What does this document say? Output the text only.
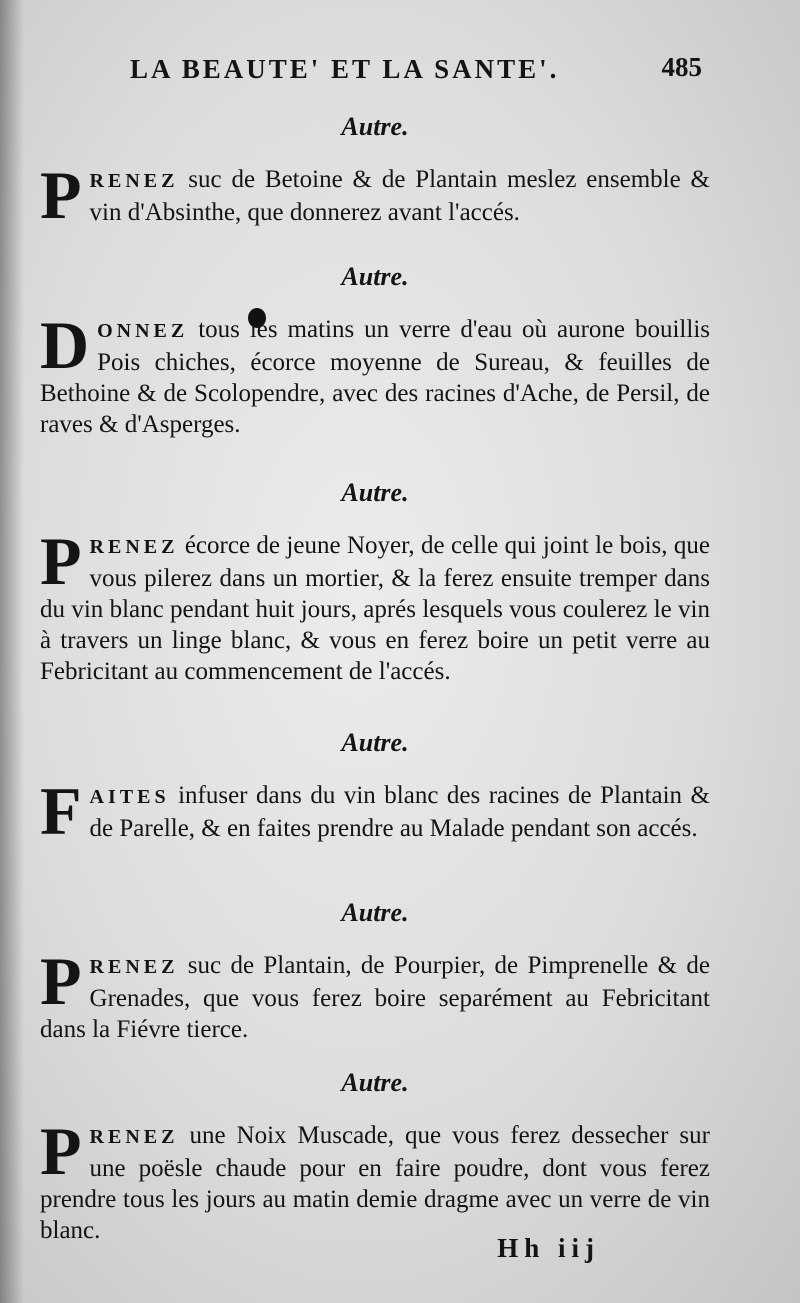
LA BEAUTE' ET LA SANTE'.	485
Autre.

PRENEZ suc de Betoine & de Plantain meslez ensemble & vin d'Absinthe, que donnerez avant l'accés.

Autre.

DONNEZ tous les matins un verre d'eau où aurone bouillis Pois chiches, écorce moyenne de Sureau, & feuilles de Bethoine & de Scolopendre, avec des racines d'Ache, de Persil, de raves & d'Asperges.

Autre.

PRENEZ écorce de jeune Noyer, de celle qui joint le bois, que vous pilerez dans un mortier, & la ferez ensuite tremper dans du vin blanc pendant huit jours, aprés lesquels vous coulerez le vin à travers un linge blanc, & vous en ferez boire un petit verre au Febricitant au commencement de l'accés.

Autre.

FAITES infuser dans du vin blanc des racines de Plantain & de Parelle, & en faites prendre au Malade pendant son accés.

Autre.

PRENEZ suc de Plantain, de Pourpier, de Pimprenelle & de Grenades, que vous ferez boire separément au Febricitant dans la Fiévre tierce.

Autre.

PRENEZ une Noix Muscade, que vous ferez dessecher sur une poësle chaude pour en faire poudre, dont vous ferez prendre tous les jours au matin demie dragme avec un verre de vin blanc.

Hh iij
